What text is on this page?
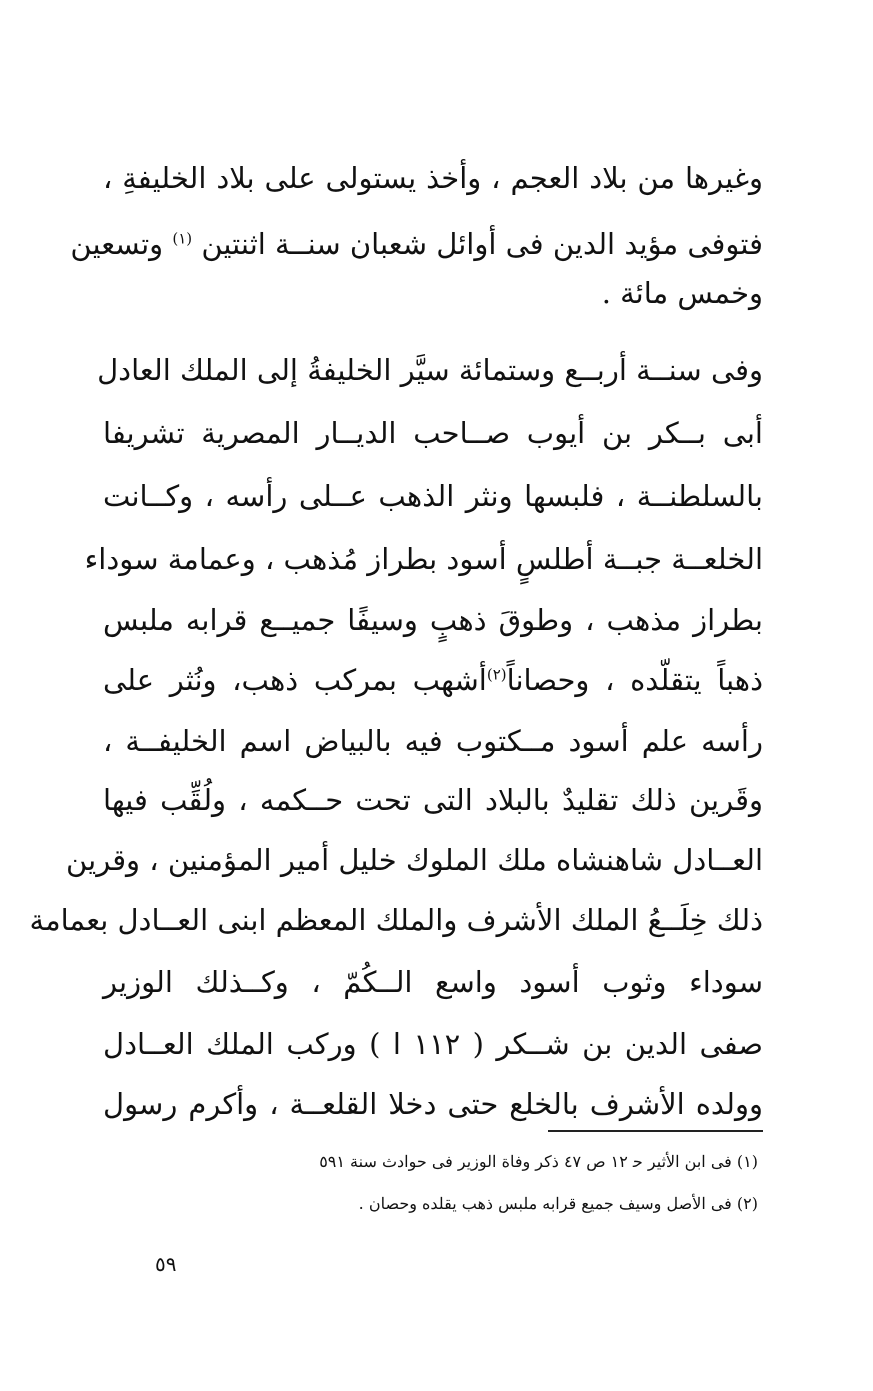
وغيرها من بلاد العجم ، وأخذ يستولى على بلاد الخليفةِ ،
فتوفى مؤيد الدين فى أوائل شعبان سنــة اثنتين $^{(١)}$ وتسعين
وخمس مائة .
وفى سنــة أربــع وستمائة سيَّر الخليفةُ إلى الملك العادل
أبى بــكر بن أيوب صــاحب الديــار المصرية تشريفا
بالسلطنــة ، فلبسها ونثر الذهب عــلى رأسه ، وكــانت
الخلعــة جبــة أطلسٍ أسود بطراز مُذهب ، وعمامة سوداء
بطراز مذهب ، وطوقَ ذهبٍ وسيفًا جميــع قرابه ملبس
ذهباً يتقلّده ، وحصاناً$^{(٢)}$أشهب بمركب ذهب، ونُثر على
رأسه علم أسود مــكتوب فيه بالبياض اسم الخليفــة ،
وقَرين ذلك تقليدٌ بالبلاد التى تحت حــكمه ، ولُقِّب فيها
العــادل شاهنشاه ملك الملوك خليل أمير المؤمنين ، وقرين
ذلك خِلَــعُ الملك الأشرف والملك المعظم ابنى العــادل بعمامة
سوداء وثوب أسود واسع الــكُمّ ، وكــذلك الوزير
صفى الدين بن شــكر ( ١١٢ ا ) وركب الملك العــادل
وولده الأشرف بالخلع حتى دخلا القلعــة ، وأكرم رسول
(١) فى ابن الأثير ﺣ ١٢ ص ٤٧ ذكر وفاة الوزير فى حوادث سنة ٥٩١
(٢) فى الأصل وسيف جميع قرابه ملبس ذهب يقلده وحصان .
٥٩
